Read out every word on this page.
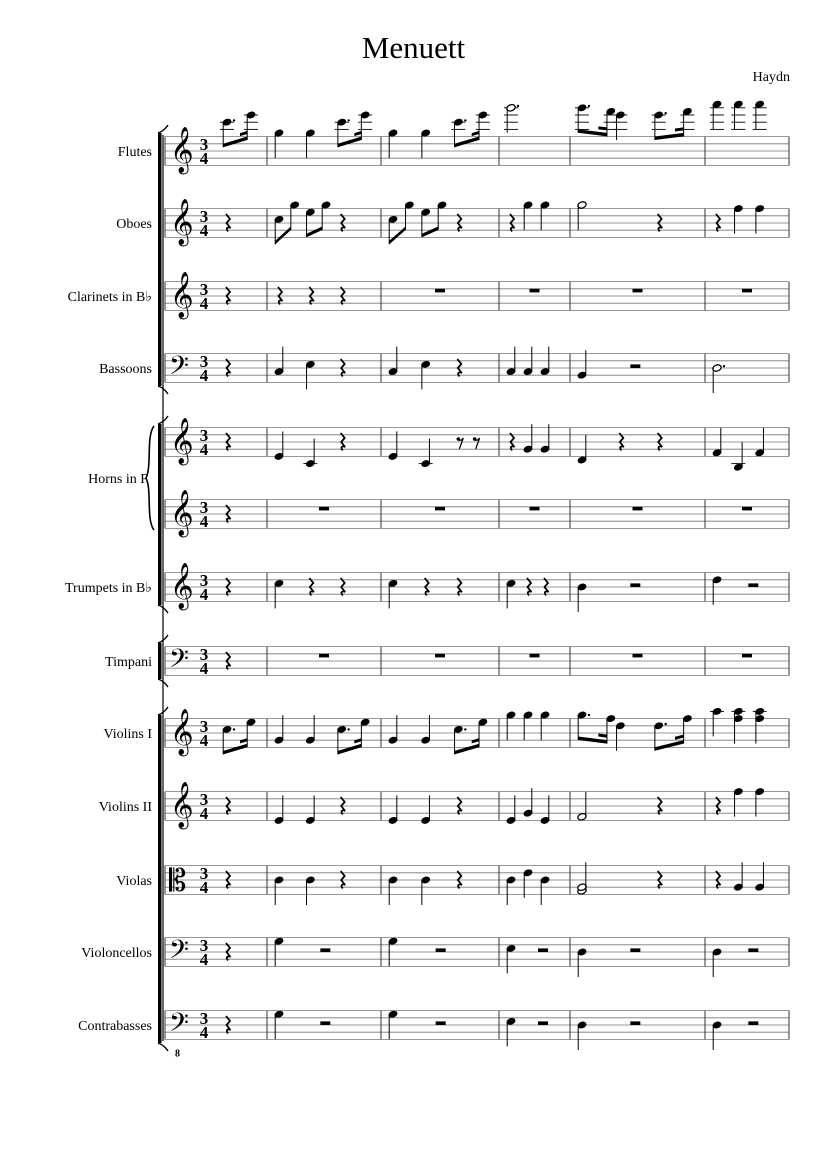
Menuett
Haydn
Flutes 𝄞 3
4
Oboes 𝄞 3
4
Clarinets in B♭ 𝄞 3
4
Bassoons 𝄢 3
4
Horns in F
𝄞 3
4
𝄞 3
4
Trumpets in B♭ 𝄞 3
4
Timpani 𝄢 3
4
Violins I 𝄞 3
4
Violins II 𝄞 3
4
Violas 𝄡 3
4
Violoncellos 𝄢 3
4
Contrabasses 𝄢
8
3
4
